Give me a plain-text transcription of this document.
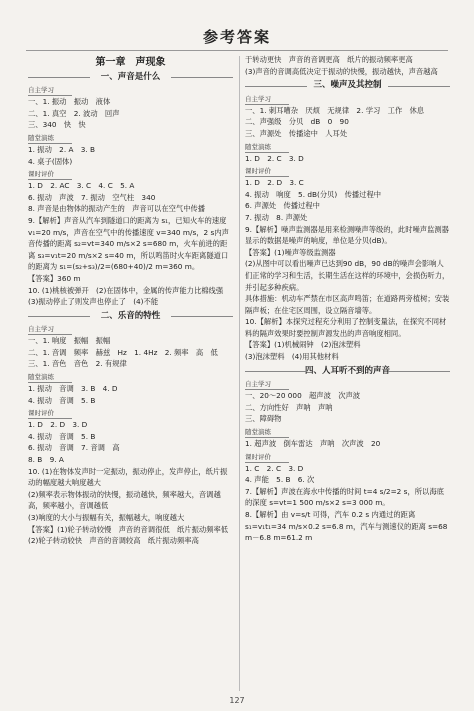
参考答案
第一章　声现象
一、声音是什么
自主学习
一、1. 振动　振动　液体
二、1. 真空　2. 波动　回声
三、340　快　快
随堂演练
1. 振动　2. A　3. B
4. 桌子(固体)
课时评价
1. D　2. AC　3. C　4. C　5. A
6. 振动　声波　7. 振动　空气柱　340
8. 声音是由物体的振动产生的　声音可以在空气中传播
9.【解析】声音从汽车到隧道口的距离为 s₁，已知火车的速度 v₁=20 m/s，声音在空气中的传播速度 v=340 m/s，2 s内声音传播的距离 s₂=vt=340 m/s×2 s=680 m，火车前进的距离 s₃=v₁t=20 m/s×2 s=40 m，所以鸣笛时火车距离隧道口的距离为 s₁=(s₂+s₃)/2=(680+40)/2 m=360 m。
【答案】360 m
10. (1)桃核被弹开　(2)在固体中，金属的传声能力比棉线强　(3)振动停止了则发声也停止了　(4)不能
二、乐音的特性
自主学习
一、1. 响度　振幅　振幅
二、1. 音调　频率　赫兹　Hz　1. 4Hz　2. 频率　高　低
三、1. 音色　音色　2. 有规律
随堂演练
1. 振动　音调　3. B　4. D
4. 振动　音调　5. B
课时评价
1. D　2. D　3. D
4. 振动　音调　5. B
6. 振动　音调　7. 音调　高
8. B　9. A
10. (1)在物体发声时一定振动，振动停止，发声停止，纸片振动的幅度越大响度越大
(2)频率表示物体振动的快慢，振动越快，频率越大，音调越高，频率越小，音调越低
(3)响度的大小与振幅有关，振幅越大，响度越大
【答案】(1)轮子转动较慢　声音的音调很低　纸片振动频率低　(2)轮子转动较快　声音的音调较高　纸片振动频率高
于转动更快　声音的音调更高　纸片的振动频率更高
(3)声音的音调高低决定于振动的快慢，振动越快，声音越高
三、噪声及其控制
自主学习
一、1. 刺耳嘈杂　厌烦　无规律　2. 学习　工作　休息
二、声强级　分贝　dB　0　90
三、声源处　传播途中　人耳处
随堂演练
1. D　2. C　3. D
课时评价
1. D　2. D　3. C
4. 振动　响度　5. dB(分贝)　传播过程中
6. 声源处　传播过程中
7. 振动　8. 声源处
9.【解析】噪声监测器是用来检测噪声等级的，此时噪声监测器显示的数据是噪声的响度，单位是分贝(dB)。
【答案】(1)噪声等级监测器
(2)从图中可以看出噪声已达到90 dB，90 dB的噪声会影响人们正常的学习和生活，长期生活在这样的环境中，会损伤听力，并引起多种疾病。
具体措施：机动车严禁在市区高声鸣笛；在道路两旁植树；安装隔声板；在住宅区周围，设立隔音墙等。
10.【解析】本探究过程充分利用了控制变量法，在探究不同材料的隔声效果时要控制声源发出的声音响度相同。
【答案】(1)机械闹钟　(2)泡沫塑料
(3)泡沫塑料　(4)用其他材料
四、人耳听不到的声音
自主学习
一、20～20 000　超声波　次声波
二、方向性好　声呐　声呐
三、障碍物
随堂演练
1. 超声波　倒车雷达　声呐　次声波　20
课时评价
1. C　2. C　3. D
4. 声能　5. B　6. 次
7.【解析】声波在海水中传播的时间 t=4 s/2=2 s，所以海底的深度 s=vt=1 500 m/s×2 s=3 000 m。
8.【解析】由 v=s/t 可得，汽车 0.2 s 内通过的距离 s₁=v₁t₁=34 m/s×0.2 s=6.8 m，汽车与测速仪的距离 s=68 m－6.8 m=61.2 m
127
